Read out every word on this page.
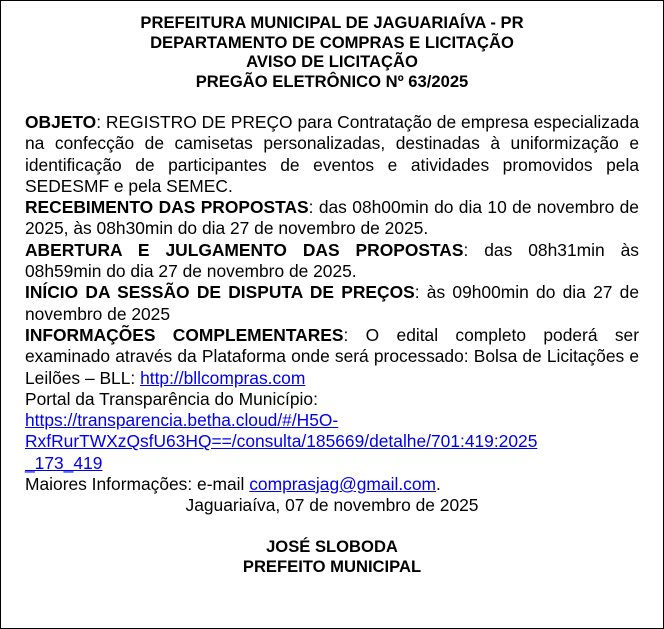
PREFEITURA MUNICIPAL DE JAGUARIAÍVA - PR
DEPARTAMENTO DE COMPRAS E LICITAÇÃO
AVISO DE LICITAÇÃO
PREGÃO ELETRÔNICO Nº 63/2025
OBJETO: REGISTRO DE PREÇO para Contratação de empresa especializada na confecção de camisetas personalizadas, destinadas à uniformização e identificação de participantes de eventos e atividades promovidos pela SEDESMF e pela SEMEC.
RECEBIMENTO DAS PROPOSTAS: das 08h00min do dia 10 de novembro de 2025, às 08h30min do dia 27 de novembro de 2025.
ABERTURA E JULGAMENTO DAS PROPOSTAS: das 08h31min às 08h59min do dia 27 de novembro de 2025.
INÍCIO DA SESSÃO DE DISPUTA DE PREÇOS: às 09h00min do dia 27 de novembro de 2025
INFORMAÇÕES COMPLEMENTARES: O edital completo poderá ser examinado através da Plataforma onde será processado: Bolsa de Licitações e Leilões – BLL: http://bllcompras.com
Portal da Transparência do Município:
https://transparencia.betha.cloud/#/H5O-
RxfRurTWXzQsfU63HQ==/consulta/185669/detalhe/701:419:2025
_173_419
Maiores Informações: e-mail comprasjag@gmail.com.
Jaguariaíva, 07 de novembro de 2025
JOSÉ SLOBODA
PREFEITO MUNICIPAL
